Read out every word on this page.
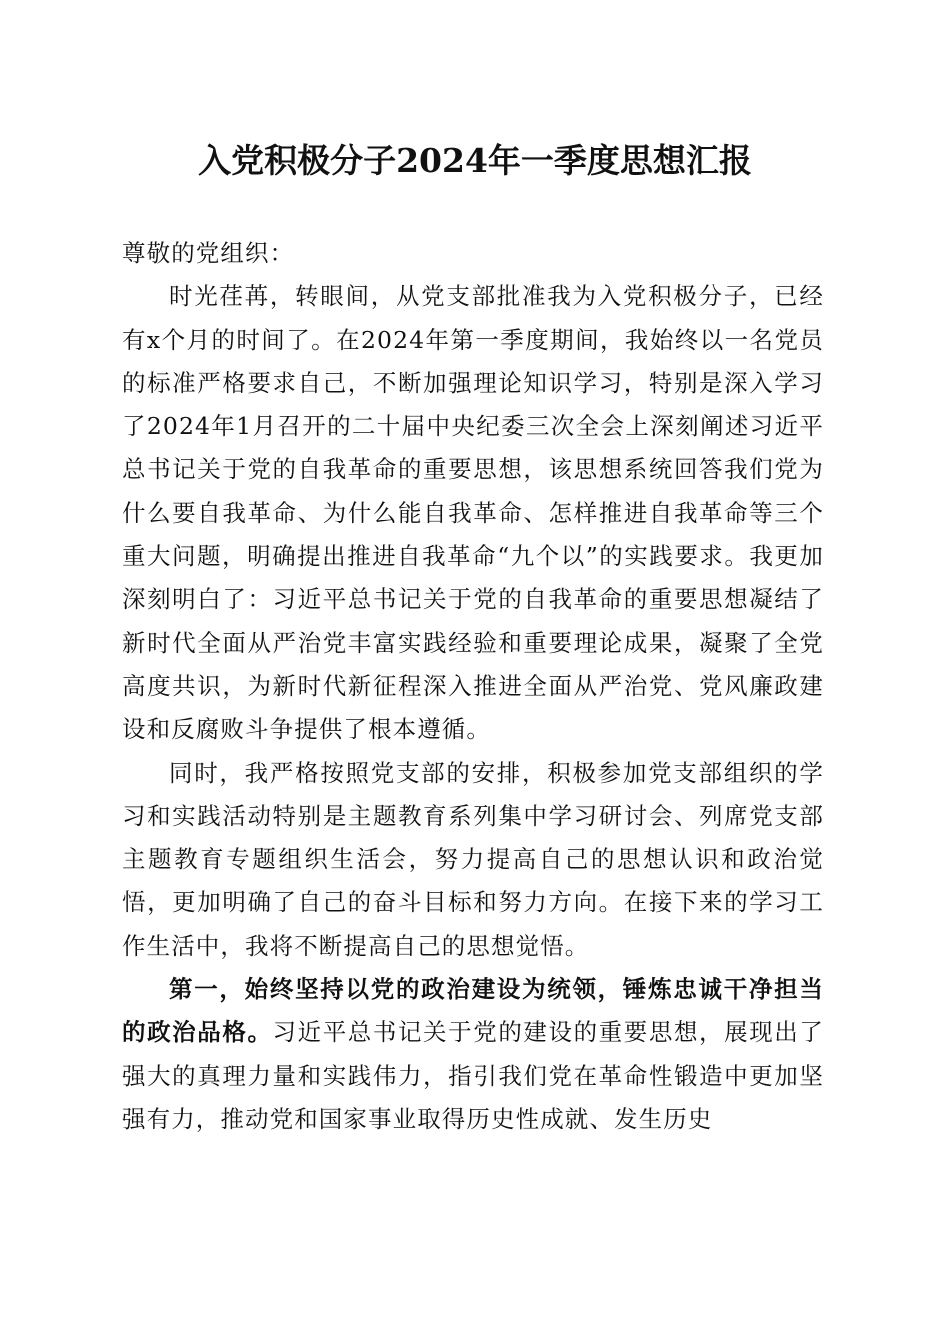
入党积极分子2024年一季度思想汇报

尊敬的党组织：

时光荏苒，转眼间，从党支部批准我为入党积极分子，已经有x个月的时间了。在2024年第一季度期间，我始终以一名党员的标准严格要求自己，不断加强理论知识学习，特别是深入学习了2024年1月召开的二十届中央纪委三次全会上深刻阐述习近平总书记关于党的自我革命的重要思想，该思想系统回答我们党为什么要自我革命、为什么能自我革命、怎样推进自我革命等三个重大问题，明确提出推进自我革命“九个以”的实践要求。我更加深刻明白了：习近平总书记关于党的自我革命的重要思想凝结了新时代全面从严治党丰富实践经验和重要理论成果，凝聚了全党高度共识，为新时代新征程深入推进全面从严治党、党风廉政建设和反腐败斗争提供了根本遵循。

同时，我严格按照党支部的安排，积极参加党支部组织的学习和实践活动特别是主题教育系列集中学习研讨会、列席党支部主题教育专题组织生活会，努力提高自己的思想认识和政治觉悟，更加明确了自己的奋斗目标和努力方向。在接下来的学习工作生活中，我将不断提高自己的思想觉悟。

第一，始终坚持以党的政治建设为统领，锤炼忠诚干净担当的政治品格。习近平总书记关于党的建设的重要思想，展现出了强大的真理力量和实践伟力，指引我们党在革命性锻造中更加坚强有力，推动党和国家事业取得历史性成就、发生历史
